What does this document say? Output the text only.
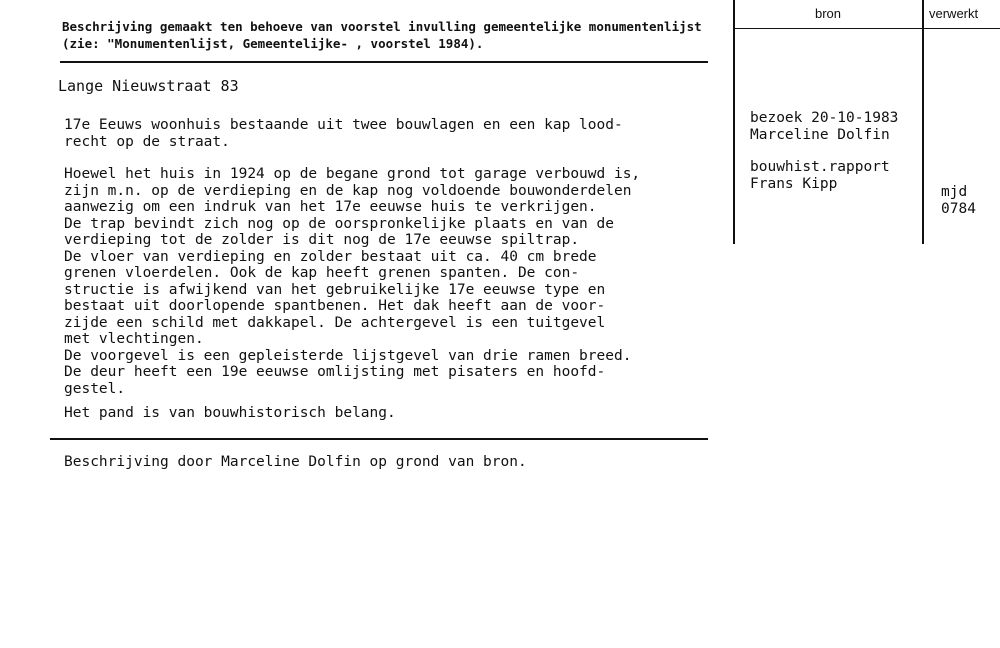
Beschrijving gemaakt ten behoeve van voorstel invulling gemeentelijke monumentenlijst
(zie: "Monumentenlijst, Gemeentelijke- , voorstel 1984).
bron	verwerkt
Lange Nieuwstraat 83
17e Eeuws woonhuis bestaande uit twee bouwlagen en een kap lood-
recht op de straat.
Hoewel het huis in 1924 op de begane grond tot garage verbouwd is,
zijn m.n. op de verdieping en de kap nog voldoende bouwonderdelen
aanwezig om een indruk van het 17e eeuwse huis te verkrijgen.
De trap bevindt zich nog op de oorspronkelijke plaats en van de
verdieping tot de zolder is dit nog de 17e eeuwse spiltrap.
De vloer van verdieping en zolder bestaat uit ca. 40 cm brede
grenen vloerdelen. Ook de kap heeft grenen spanten. De con-
structie is afwijkend van het gebruikelijke 17e eeuwse type en
bestaat uit doorlopende spantbenen. Het dak heeft aan de voor-
zijde een schild met dakkapel. De achtergevel is een tuitgevel
met vlechtingen.
De voorgevel is een gepleisterde lijstgevel van drie ramen breed.
De deur heeft een 19e eeuwse omlijsting met pisaters en hoofd-
gestel.
Het pand is van bouwhistorisch belang.
bezoek 20-10-1983
Marceline Dolfin
bouwhist.rapport
Frans Kipp	mjd
0784
Beschrijving door Marceline Dolfin op grond van bron.
